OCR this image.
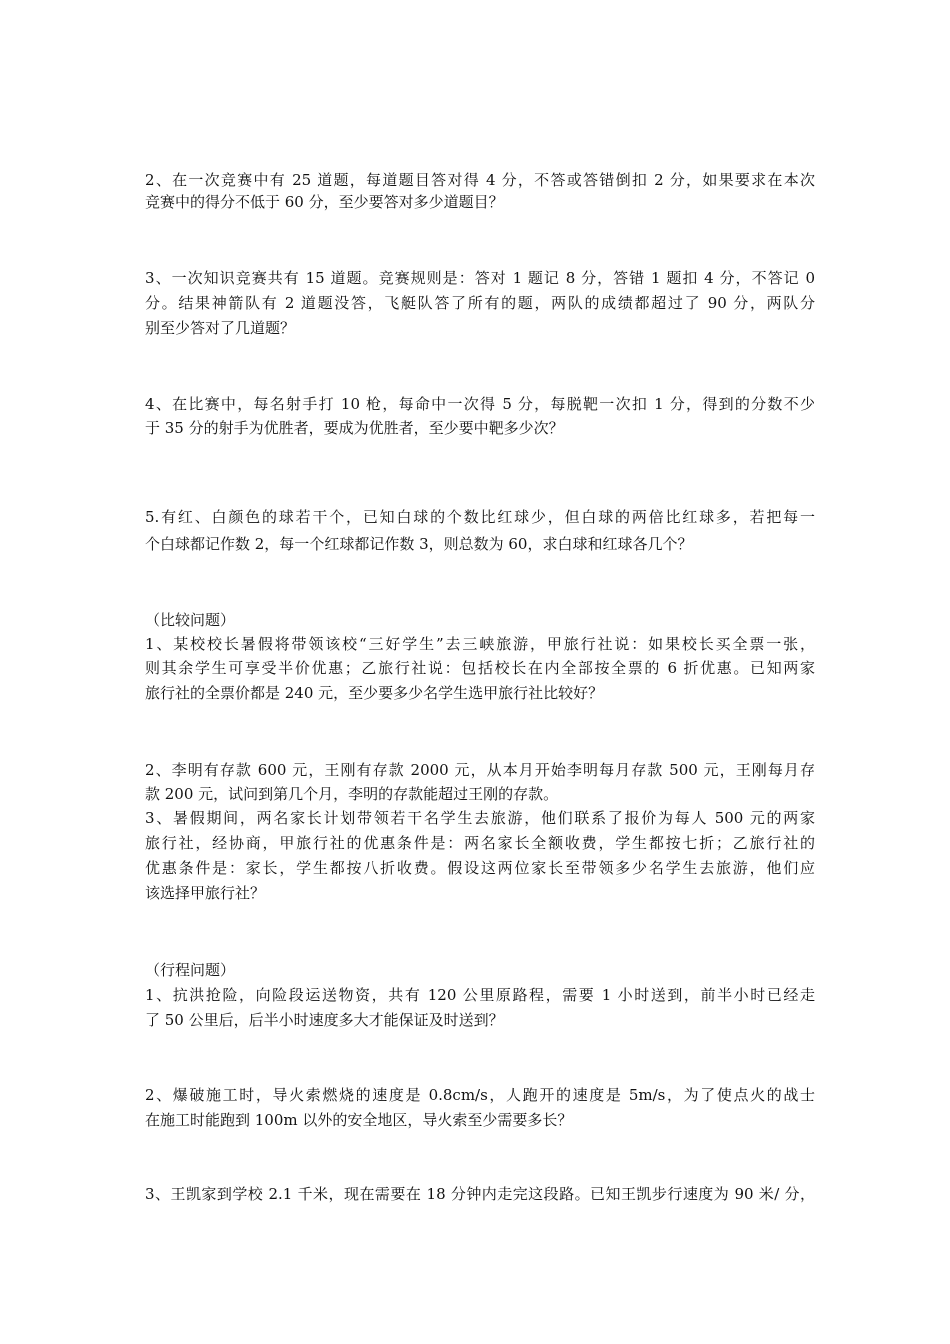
2、在一次竞赛中有 25 道题，每道题目答对得 4 分，不答或答错倒扣 2 分，如果要求在本次
竞赛中的得分不低于 60 分，至少要答对多少道题目？
3、一次知识竞赛共有 15 道题。竞赛规则是：答对 1 题记 8 分，答错 1 题扣 4 分，不答记 0
分。结果神箭队有 2 道题没答，飞艇队答了所有的题，两队的成绩都超过了 90 分，两队分
别至少答对了几道题？
4、在比赛中，每名射手打 10 枪，每命中一次得 5 分，每脱靶一次扣 1 分，得到的分数不少
于 35 分的射手为优胜者，要成为优胜者，至少要中靶多少次？
5.有红、白颜色的球若干个，已知白球的个数比红球少，但白球的两倍比红球多，若把每一
个白球都记作数 2，每一个红球都记作数 3，则总数为 60，求白球和红球各几个？
（比较问题）
1、某校校长暑假将带领该校“三好学生”去三峡旅游，甲旅行社说：如果校长买全票一张，
则其余学生可享受半价优惠；乙旅行社说：包括校长在内全部按全票的 6 折优惠。已知两家
旅行社的全票价都是 240 元，至少要多少名学生选甲旅行社比较好？
2、李明有存款 600 元，王刚有存款 2000 元，从本月开始李明每月存款 500 元，王刚每月存
款 200 元，试问到第几个月，李明的存款能超过王刚的存款。
3、暑假期间，两名家长计划带领若干名学生去旅游，他们联系了报价为每人 500 元的两家
旅行社，经协商，甲旅行社的优惠条件是：两名家长全额收费，学生都按七折；乙旅行社的
优惠条件是：家长，学生都按八折收费。假设这两位家长至带领多少名学生去旅游，他们应
该选择甲旅行社？
（行程问题）
1、抗洪抢险，向险段运送物资，共有 120 公里原路程，需要 1 小时送到，前半小时已经走
了 50 公里后，后半小时速度多大才能保证及时送到？
2、爆破施工时，导火索燃烧的速度是 0.8cm/s，人跑开的速度是 5m/s，为了使点火的战士
在施工时能跑到 100m 以外的安全地区，导火索至少需要多长？
3、王凯家到学校 2.1 千米，现在需要在 18 分钟内走完这段路。已知王凯步行速度为 90 米/ 分，
